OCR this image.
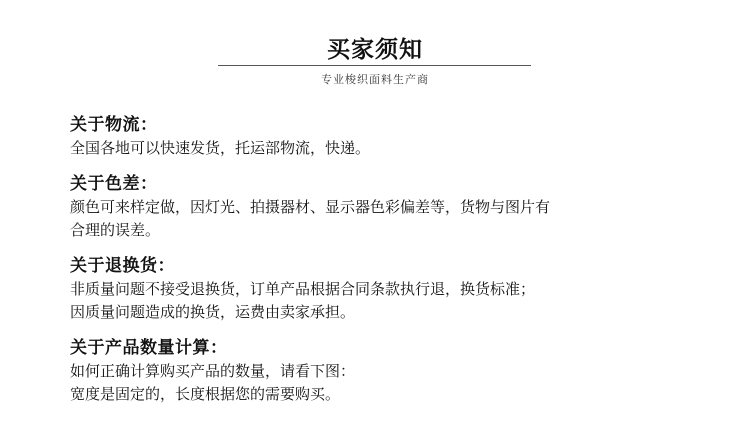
买家须知
专业梭织面料生产商
关于物流：
全国各地可以快速发货，托运部物流，快递。
关于色差：
颜色可来样定做，因灯光、拍摄器材、显示器色彩偏差等，货物与图片有
合理的误差。
关于退换货：
非质量问题不接受退换货，订单产品根据合同条款执行退，换货标准；
因质量问题造成的换货，运费由卖家承担。
关于产品数量计算：
如何正确计算购买产品的数量，请看下图：
宽度是固定的，长度根据您的需要购买。
